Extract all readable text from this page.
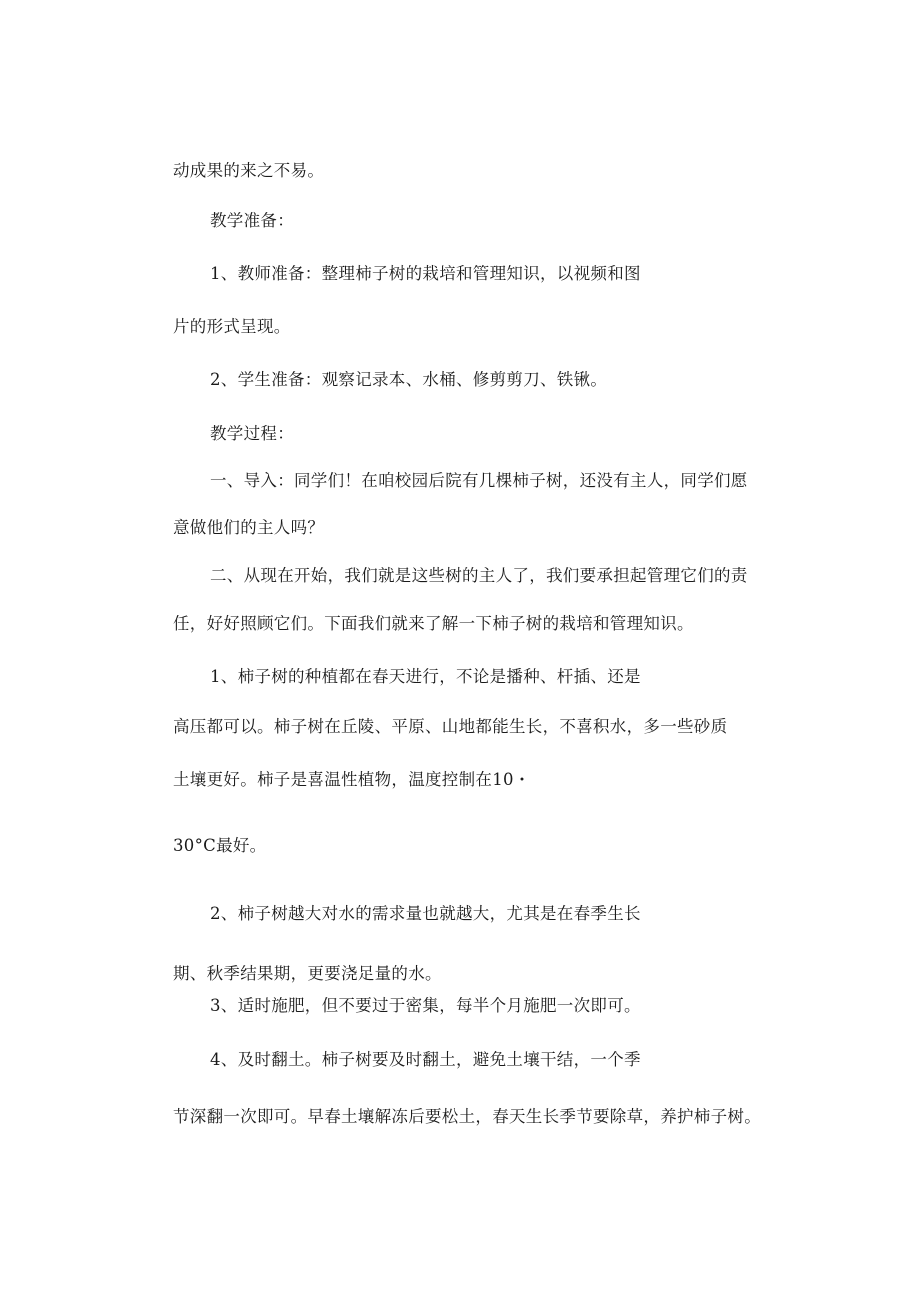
动成果的来之不易。
教学准备：
1、教师准备：整理柿子树的栽培和管理知识，以视频和图
片的形式呈现。
2、学生准备：观察记录本、水桶、修剪剪刀、铁锹。
教学过程：
一、导入：同学们！在咱校园后院有几棵柿子树，还没有主人，同学们愿
意做他们的主人吗？
二、从现在开始，我们就是这些树的主人了，我们要承担起管理它们的责
任，好好照顾它们。下面我们就来了解一下柿子树的栽培和管理知识。
1、柿子树的种植都在春天进行，不论是播种、杆插、还是
高压都可以。柿子树在丘陵、平原、山地都能生长，不喜积水，多一些砂质
土壤更好。柿子是喜温性植物，温度控制在10・
30°C最好。
2、柿子树越大对水的需求量也就越大，尤其是在春季生长
期、秋季结果期，更要浇足量的水。
3、适时施肥，但不要过于密集，每半个月施肥一次即可。
4、及时翻土。柿子树要及时翻土，避免土壤干结，一个季
节深翻一次即可。早春土壤解冻后要松土，春天生长季节要除草，养护柿子树。
